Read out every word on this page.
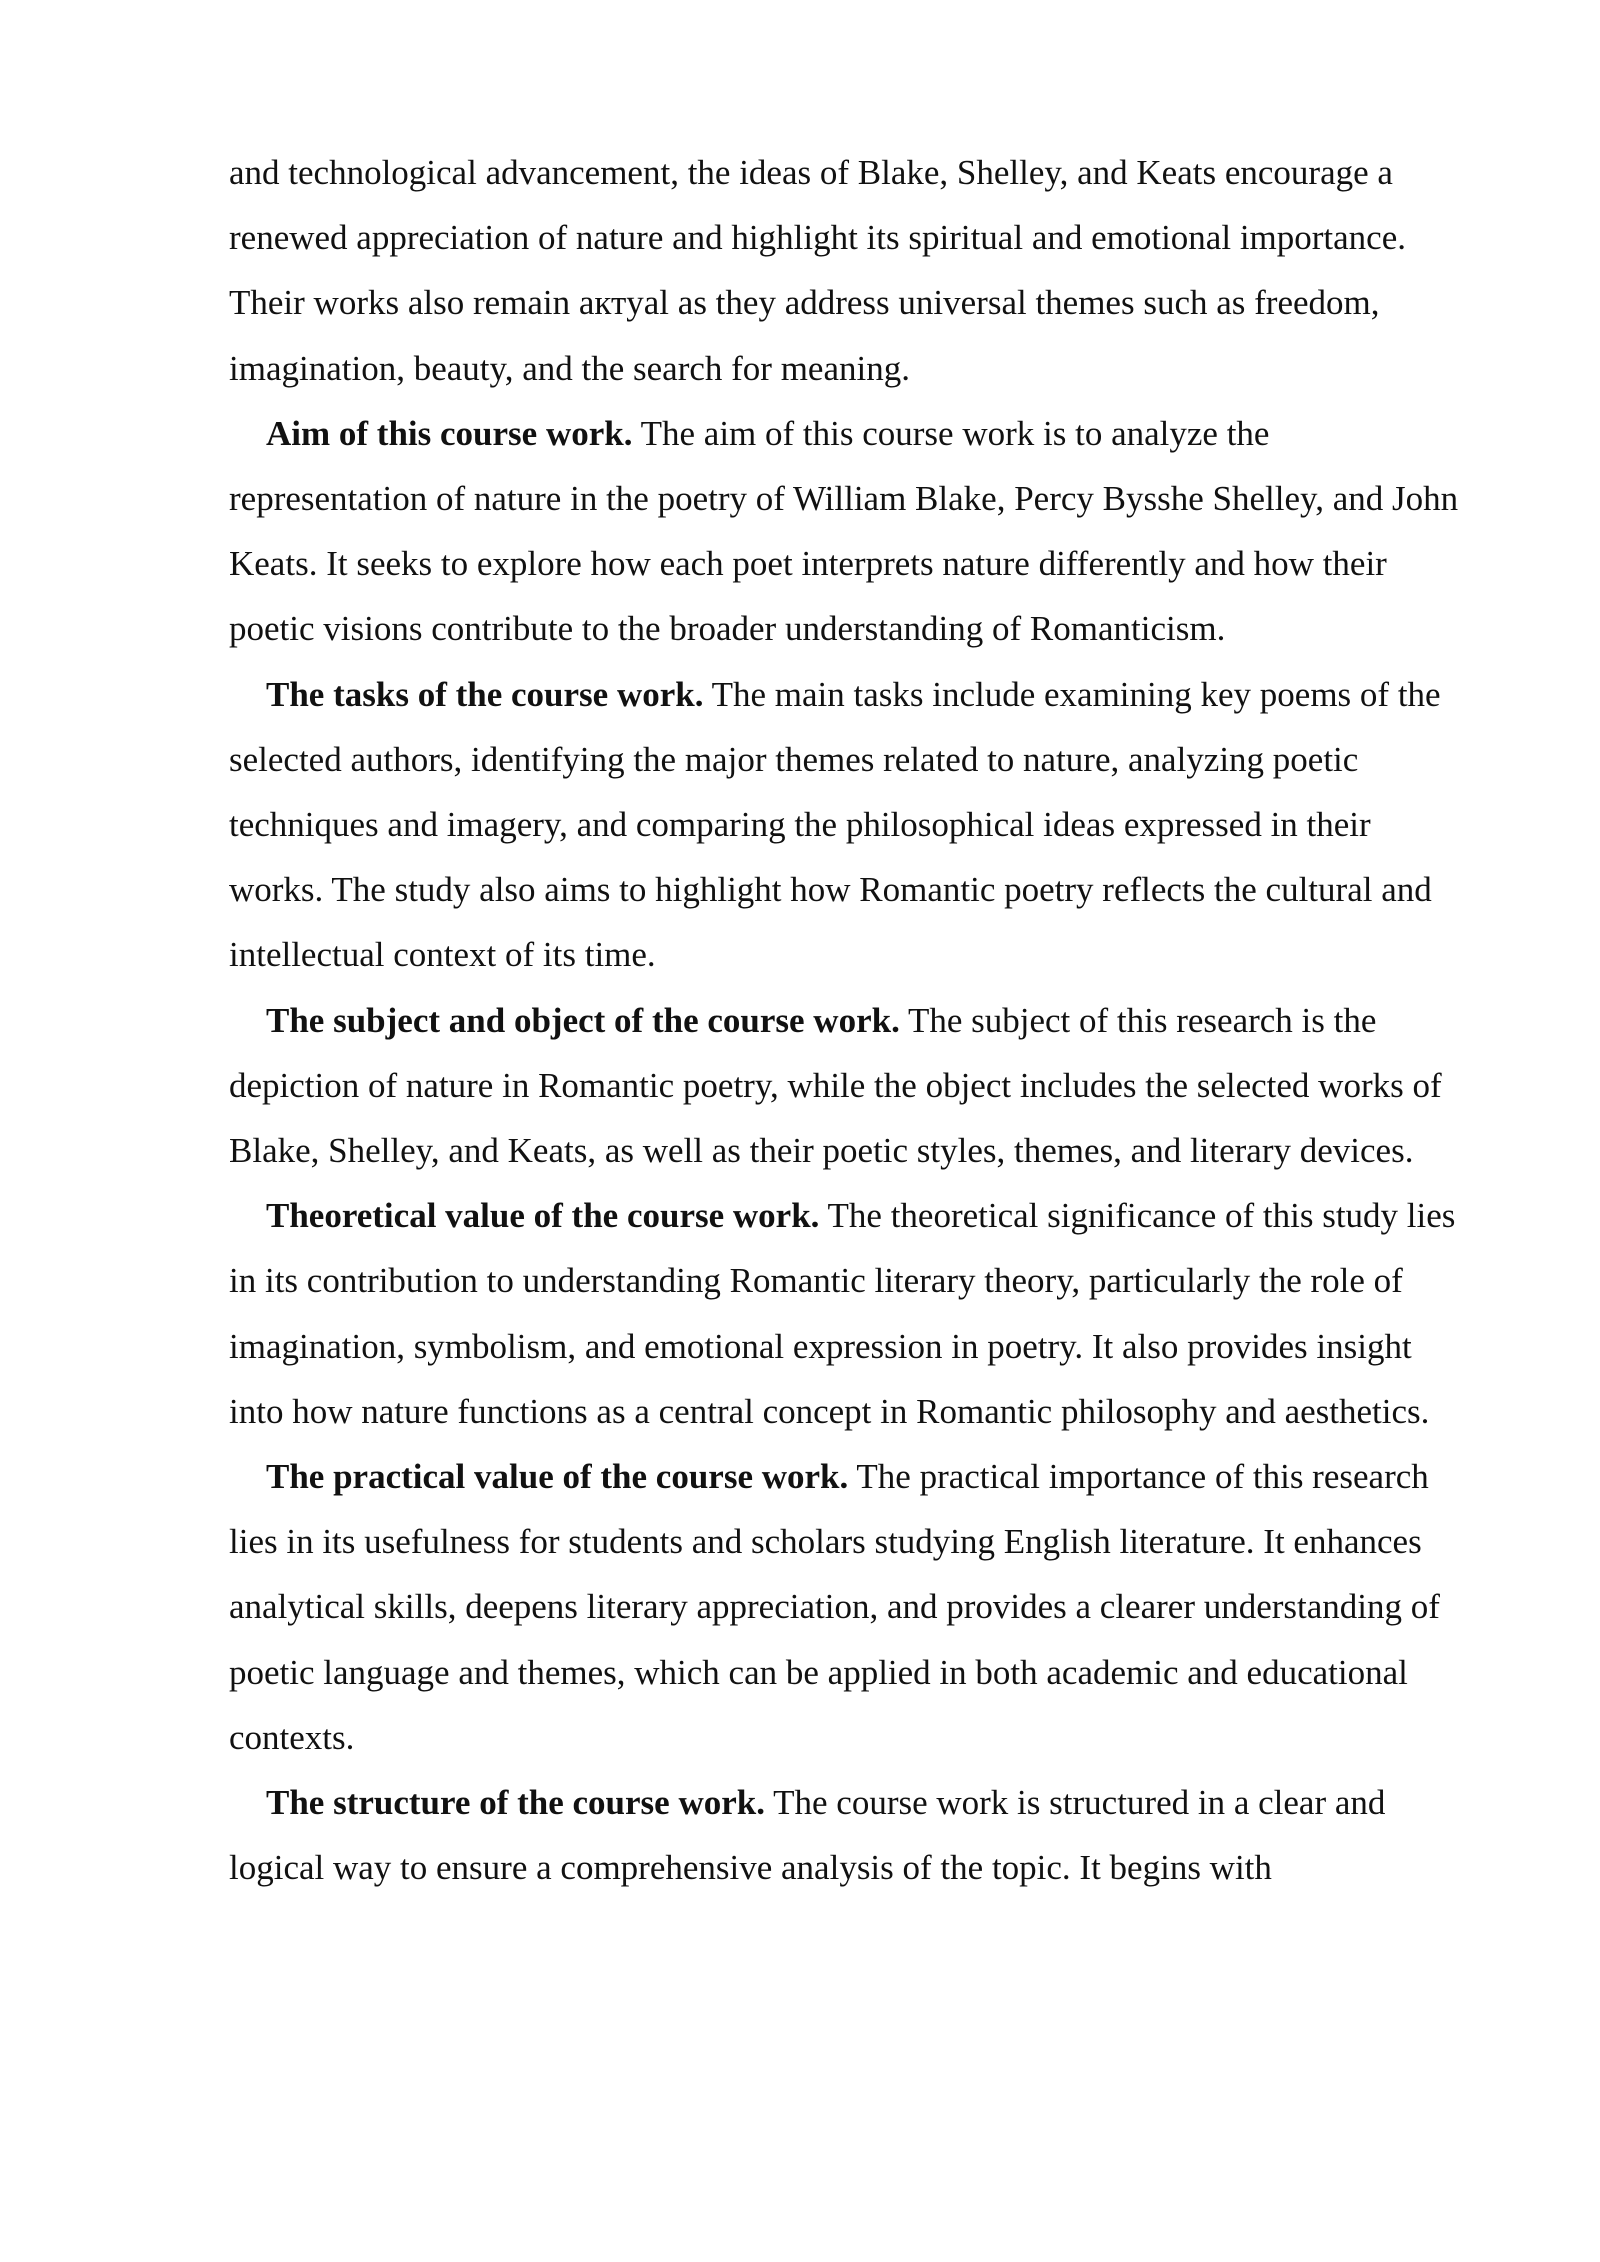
and technological advancement, the ideas of Blake, Shelley, and Keats encourage a renewed appreciation of nature and highlight its spiritual and emotional importance. Their works also remain актyal as they address universal themes such as freedom, imagination, beauty, and the search for meaning.

Aim of this course work. The aim of this course work is to analyze the representation of nature in the poetry of William Blake, Percy Bysshe Shelley, and John Keats. It seeks to explore how each poet interprets nature differently and how their poetic visions contribute to the broader understanding of Romanticism.

The tasks of the course work. The main tasks include examining key poems of the selected authors, identifying the major themes related to nature, analyzing poetic techniques and imagery, and comparing the philosophical ideas expressed in their works. The study also aims to highlight how Romantic poetry reflects the cultural and intellectual context of its time.

The subject and object of the course work. The subject of this research is the depiction of nature in Romantic poetry, while the object includes the selected works of Blake, Shelley, and Keats, as well as their poetic styles, themes, and literary devices.

Theoretical value of the course work. The theoretical significance of this study lies in its contribution to understanding Romantic literary theory, particularly the role of imagination, symbolism, and emotional expression in poetry. It also provides insight into how nature functions as a central concept in Romantic philosophy and aesthetics.

The practical value of the course work. The practical importance of this research lies in its usefulness for students and scholars studying English literature. It enhances analytical skills, deepens literary appreciation, and provides a clearer understanding of poetic language and themes, which can be applied in both academic and educational contexts.

The structure of the course work. The course work is structured in a clear and logical way to ensure a comprehensive analysis of the topic. It begins with
